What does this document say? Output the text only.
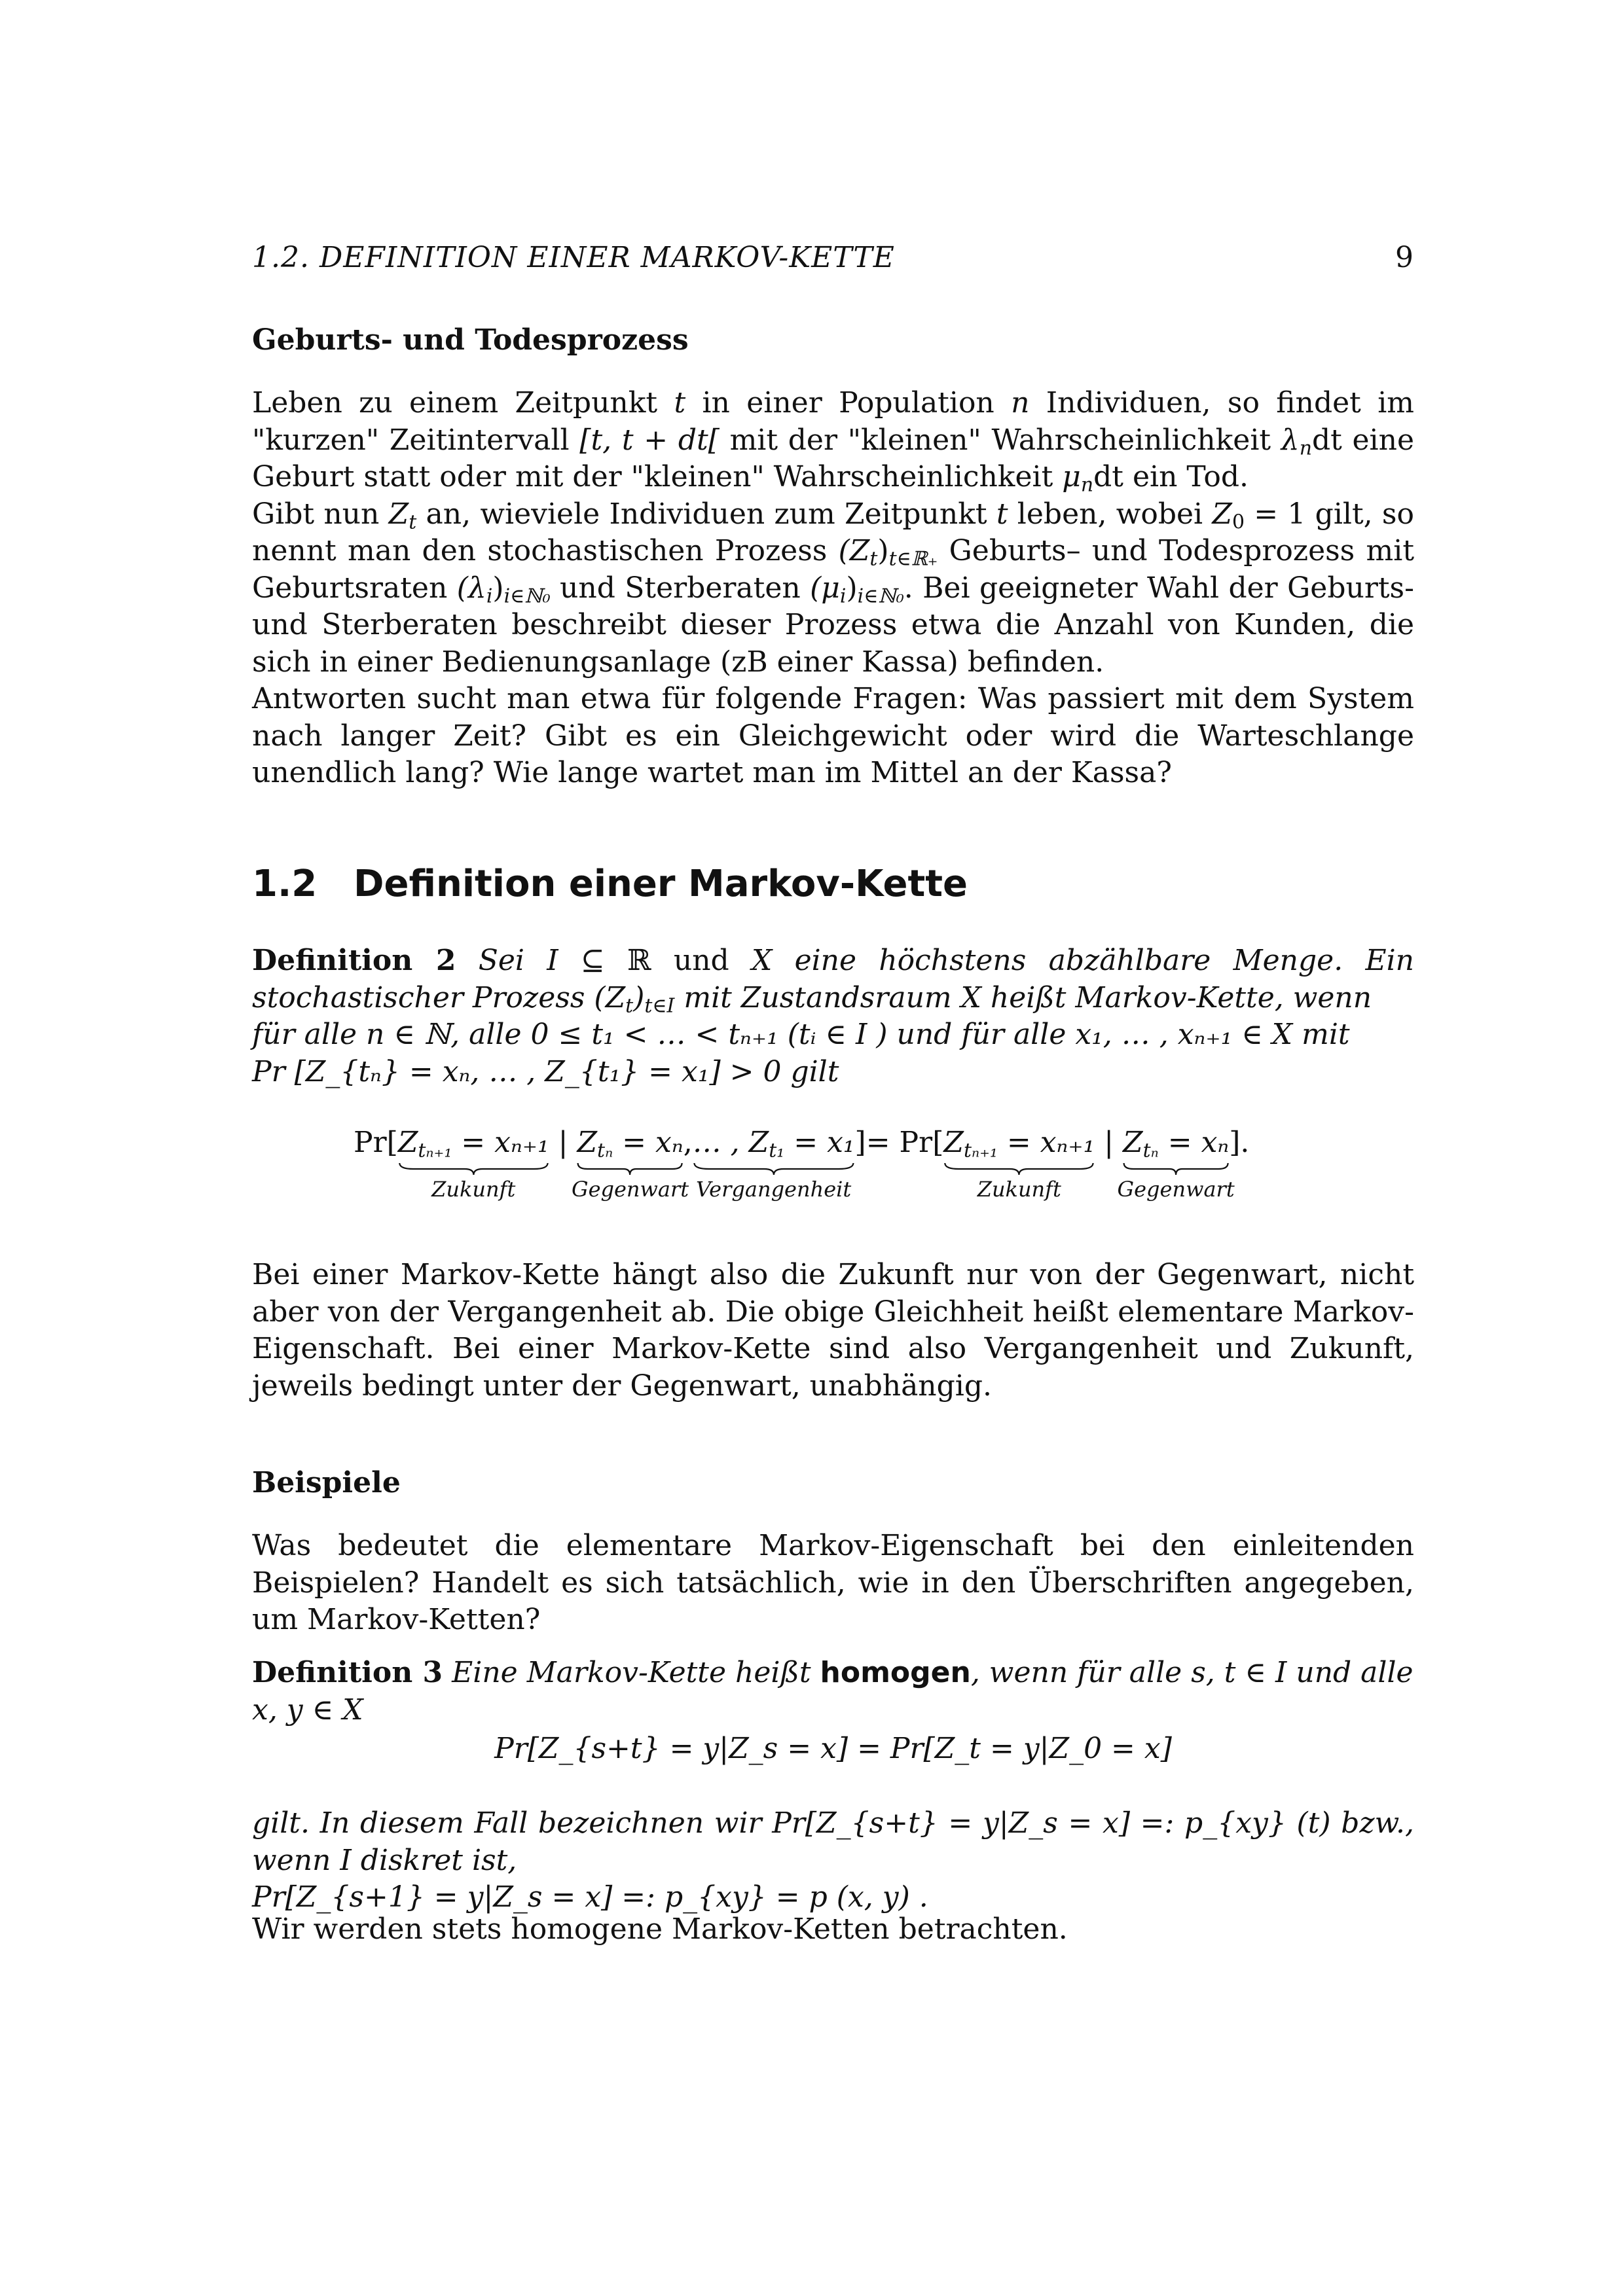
1.2. DEFINITION EINER MARKOV-KETTE	9
Geburts- und Todesprozess
Leben zu einem Zeitpunkt t in einer Population n Individuen, so findet im "kurzen" Zeitintervall [t, t + dt[ mit der "kleinen" Wahrscheinlichkeit $\lambda_ndt$ eine Geburt statt oder mit der "kleinen" Wahrscheinlichkeit $\mu_ndt$ ein Tod.
Gibt nun $Z_t$ an, wieviele Individuen zum Zeitpunkt t leben, wobei $Z_0 = 1$ gilt, so nennt man den stochastischen Prozess $(Z_t)_{t\in ℝ_+}$ Geburts– und Todesprozess mit Geburtsraten $(\lambda_i)_{i\in ℕ_0}$ und Sterberaten $(\mu_i)_{i\in ℕ_0}$. Bei geeigneter Wahl der Geburts- und Sterberaten beschreibt dieser Prozess etwa die Anzahl von Kunden, die sich in einer Bedienungsanlage (zB einer Kassa) befinden.
Antworten sucht man etwa für folgende Fragen: Was passiert mit dem System nach langer Zeit? Gibt es ein Gleichgewicht oder wird die Warteschlange unendlich lang? Wie lange wartet man im Mittel an der Kassa?
1.2 Definition einer Markov-Kette
Definition 2 Sei I ⊆ ℝ und X eine höchstens abzählbare Menge. Ein stochastischer Prozess $(Z_t)_{t\in I}$ mit Zustandsraum X heißt Markov-Kette, wenn
für alle n ∈ ℕ, alle 0 ≤ t₁ < … < tₙ₊₁ (tᵢ ∈ I ) und für alle x₁, … , xₙ₊₁ ∈ X mit
Pr [Z_{tₙ} = xₙ, … , Z_{t₁} = x₁] > 0 gilt
$Pr[Z_{t_{n+1}} = x_{n+1}$
Zukunft
| $Z_{t_n} = x_n$
Gegenwart
,… , $Z_{t_1} = x_1$
Vergangenheit
]= $Pr[Z_{t_{n+1}} = x_{n+1}$
Zukunft
| $Z_{t_n} = x_n$
Gegenwart
].
Bei einer Markov-Kette hängt also die Zukunft nur von der Gegenwart, nicht aber von der Vergangenheit ab. Die obige Gleichheit heißt elementare Markov-Eigenschaft. Bei einer Markov-Kette sind also Vergangenheit und Zukunft, jeweils bedingt unter der Gegenwart, unabhängig.
Beispiele
Was bedeutet die elementare Markov-Eigenschaft bei den einleitenden Beispielen? Handelt es sich tatsächlich, wie in den Überschriften angegeben, um Markov-Ketten?
Definition 3 Eine Markov-Kette heißt homogen, wenn für alle s, t ∈ I und alle x, y ∈ X
Pr[Z_{s+t} = y|Z_s = x] = Pr[Z_t = y|Z_0 = x]
gilt. In diesem Fall bezeichnen wir Pr[Z_{s+t} = y|Z_s = x] =: p_{xy} (t) bzw., wenn I diskret ist,
Pr[Z_{s+1} = y|Z_s = x] =: p_{xy} = p (x, y) .
Wir werden stets homogene Markov-Ketten betrachten.
